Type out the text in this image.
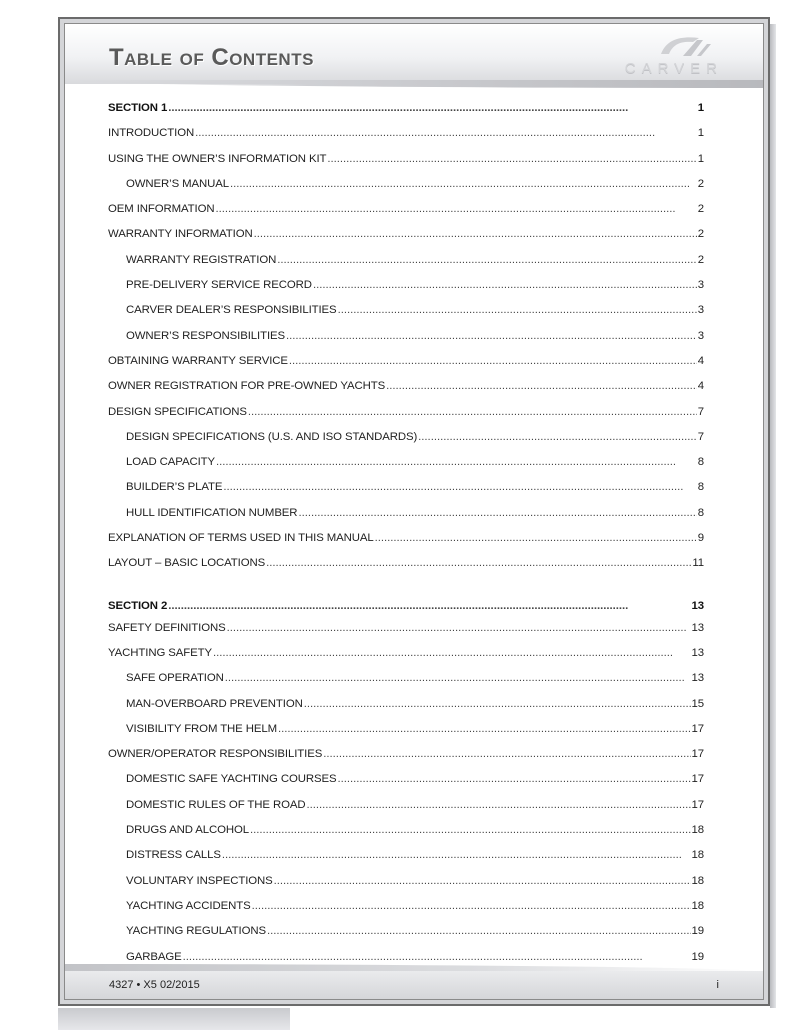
Table of Contents	CARVER
SECTION 1 . . .	1
INTRODUCTION . . .	1
USING THE OWNER’S INFORMATION KIT . . .	1
OWNER’S MANUAL . . .	2
OEM INFORMATION . . .	2
WARRANTY INFORMATION . . .	2
WARRANTY REGISTRATION . . .	2
PRE-DELIVERY SERVICE RECORD . . .	3
CARVER DEALER’S RESPONSIBILITIES . . .	3
OWNER’S RESPONSIBILITIES . . .	3
OBTAINING WARRANTY SERVICE . . .	4
OWNER REGISTRATION FOR PRE-OWNED YACHTS . . .	4
DESIGN SPECIFICATIONS . . .	7
DESIGN SPECIFICATIONS (U.S. AND ISO STANDARDS) . . .	7
LOAD CAPACITY . . .	8
BUILDER’S PLATE . . .	8
HULL IDENTIFICATION NUMBER . . .	8
EXPLANATION OF TERMS USED IN THIS MANUAL . . .	9
LAYOUT – BASIC LOCATIONS . . .	11
SECTION 2 . . .	13
SAFETY DEFINITIONS . . .	13
YACHTING SAFETY . . .	13
SAFE OPERATION . . .	13
MAN-OVERBOARD PREVENTION . . .	15
VISIBILITY FROM THE HELM . . .	17
OWNER/OPERATOR RESPONSIBILITIES . . .	17
DOMESTIC SAFE YACHTING COURSES . . .	17
DOMESTIC RULES OF THE ROAD . . .	17
DRUGS AND ALCOHOL . . .	18
DISTRESS CALLS . . .	18
VOLUNTARY INSPECTIONS . . .	18
YACHTING ACCIDENTS . . .	18
YACHTING REGULATIONS . . .	19
GARBAGE . . .	19
4327 • X5 02/2015	i
